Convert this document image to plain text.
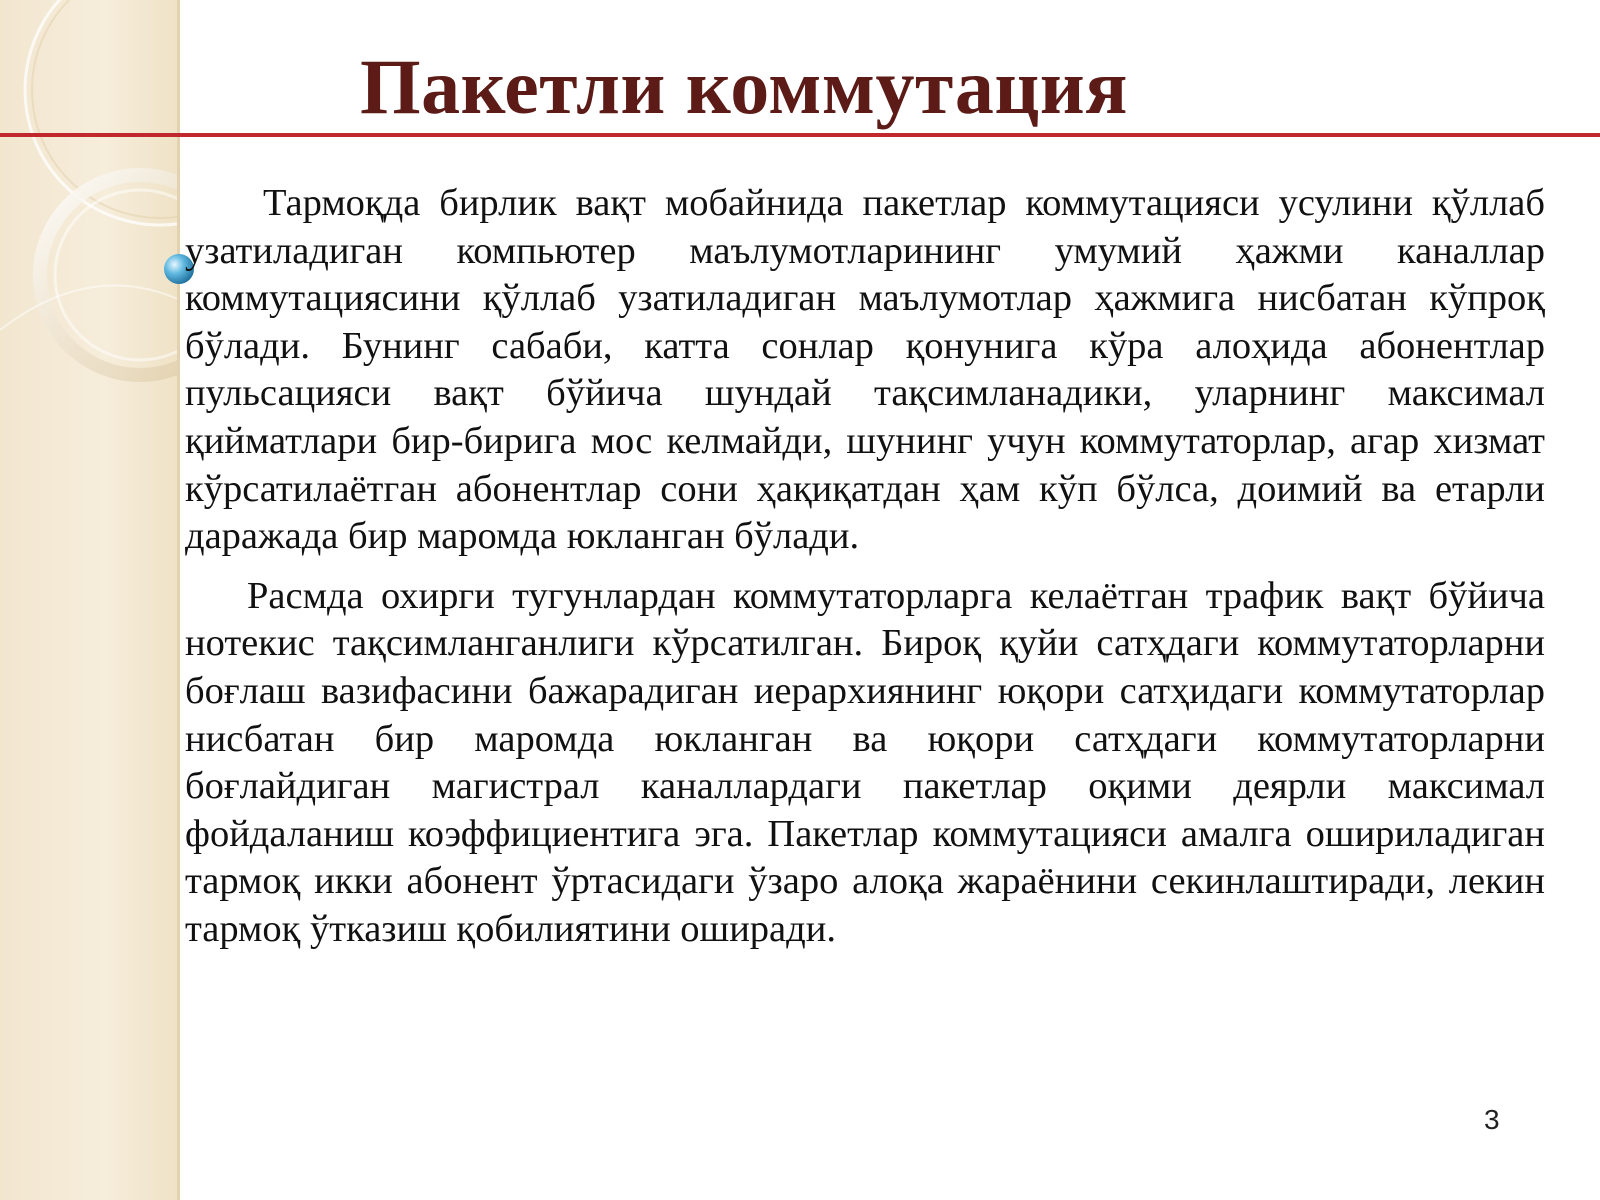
Пакетли коммутация

Тармоқда бирлик вақт мобайнида пакетлар коммутацияси усулини қўллаб узатиладиган компьютер маълумотларининг умумий ҳажми каналлар коммутациясини қўллаб узатиладиган маълумотлар ҳажмига нисбатан кўпроқ бўлади. Бунинг сабаби, катта сонлар қонунига кўра алоҳида абонентлар пульсацияси вақт бўйича шундай тақсимланадики, уларнинг максимал қийматлари бир-бирига мос келмайди, шунинг учун коммутаторлар, агар хизмат кўрсатилаётган абонентлар сони ҳақиқатдан ҳам кўп бўлса, доимий ва етарли даражада бир маромда юкланган бўлади.

Расмда охирги тугунлардан коммутаторларга келаётган трафик вақт бўйича нотекис тақсимланганлиги кўрсатилган. Бироқ қуйи сатҳдаги коммутаторларни боғлаш вазифасини бажарадиган иерархиянинг юқори сатҳидаги коммутаторлар нисбатан бир маромда юкланган ва юқори сатҳдаги коммутаторларни боғлайдиган магистрал каналлардаги пакетлар оқими деярли максимал фойдаланиш коэффициентига эга. Пакетлар коммутацияси амалга ошириладиган тармоқ икки абонент ўртасидаги ўзаро алоқа жараёнини секинлаштиради, лекин тармоқ ўтказиш қобилиятини оширади.

3
